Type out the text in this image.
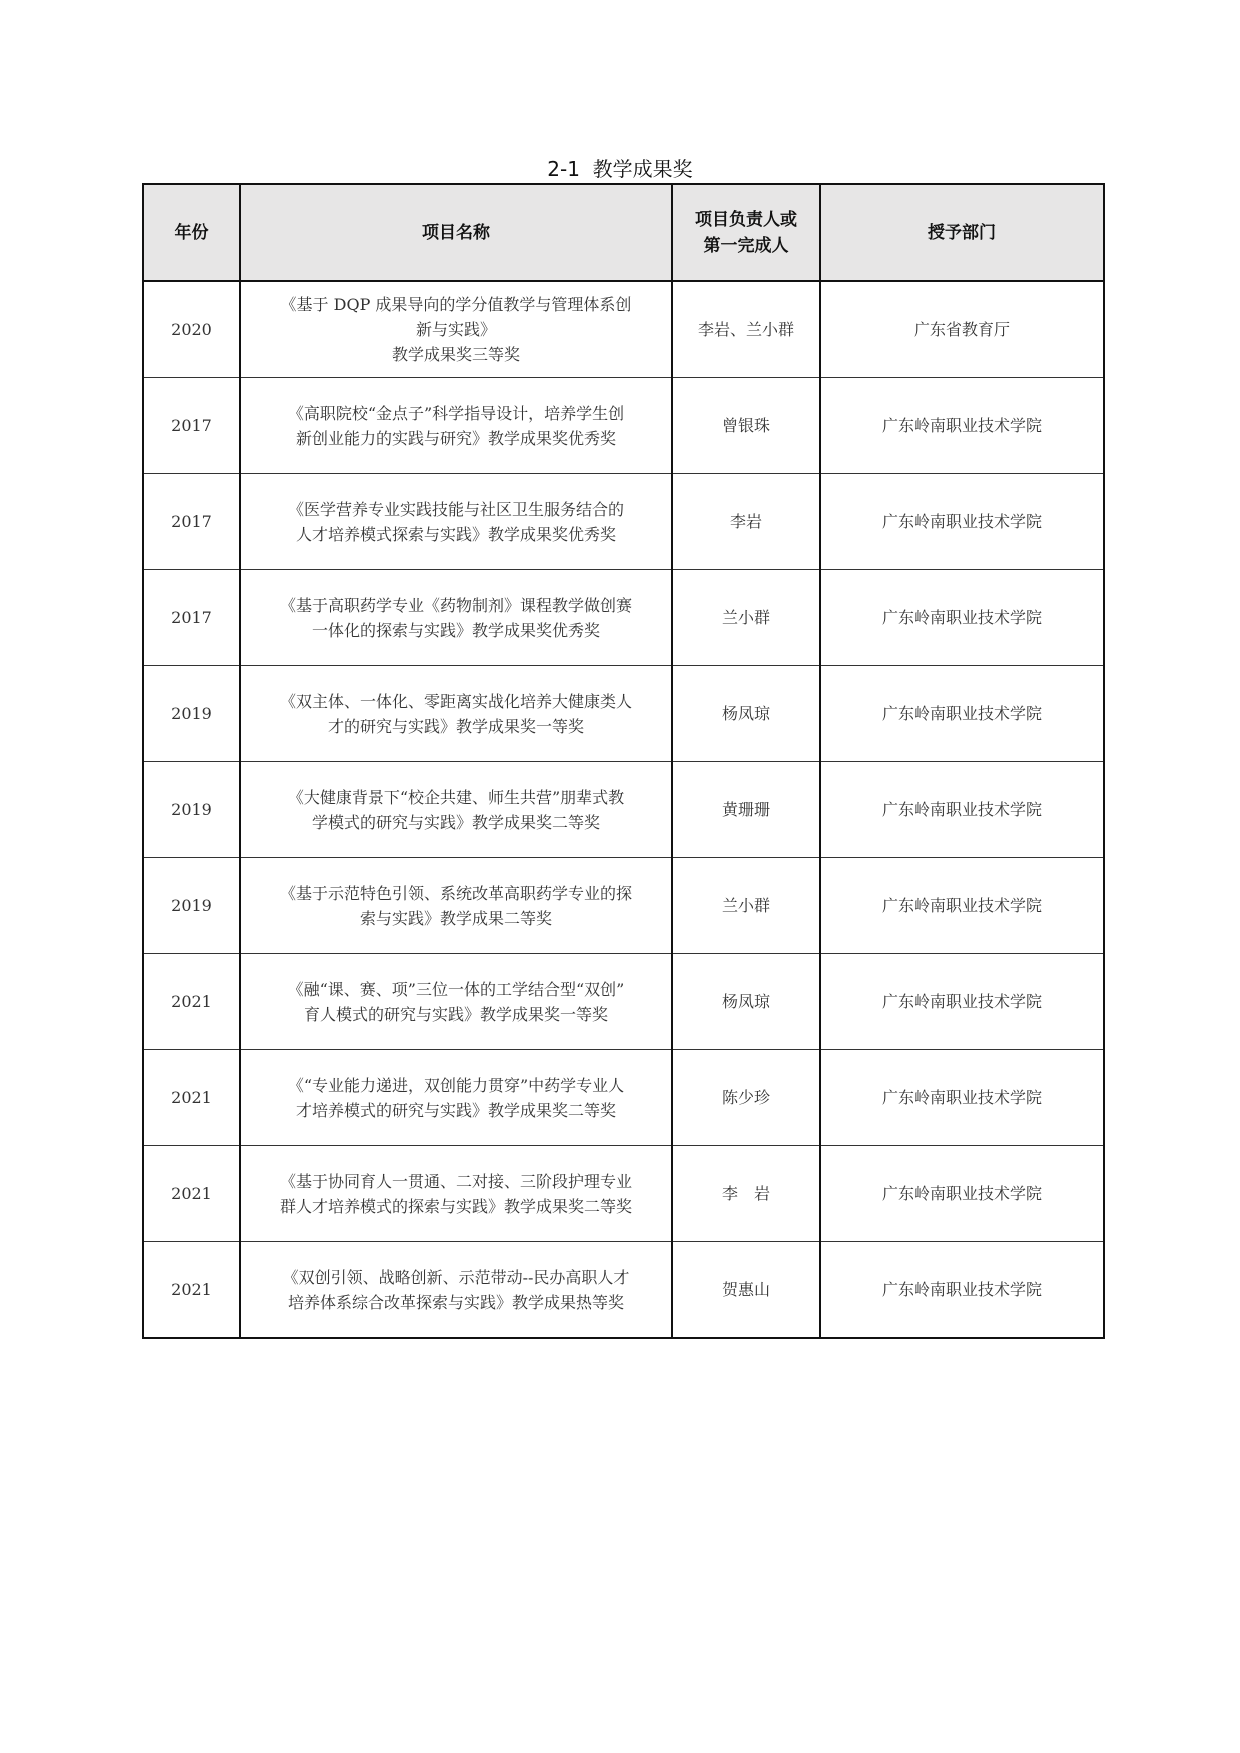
2-1  教学成果奖
年份	项目名称	项目负责人或
第一完成人	授予部门
2020	《基于 DQP 成果导向的学分值教学与管理体系创
新与实践》
教学成果奖三等奖	李岩、兰小群	广东省教育厅
2017	《高职院校“金点子”科学指导设计，培养学生创
新创业能力的实践与研究》教学成果奖优秀奖	曾银珠	广东岭南职业技术学院
2017	《医学营养专业实践技能与社区卫生服务结合的
人才培养模式探索与实践》教学成果奖优秀奖	李岩	广东岭南职业技术学院
2017	《基于高职药学专业《药物制剂》课程教学做创赛
一体化的探索与实践》教学成果奖优秀奖	兰小群	广东岭南职业技术学院
2019	《双主体、一体化、零距离实战化培养大健康类人
才的研究与实践》教学成果奖一等奖	杨凤琼	广东岭南职业技术学院
2019	《大健康背景下“校企共建、师生共营”朋辈式教
学模式的研究与实践》教学成果奖二等奖	黄珊珊	广东岭南职业技术学院
2019	《基于示范特色引领、系统改革高职药学专业的探
索与实践》教学成果二等奖	兰小群	广东岭南职业技术学院
2021	《融“课、赛、项”三位一体的工学结合型“双创”
育人模式的研究与实践》教学成果奖一等奖	杨凤琼	广东岭南职业技术学院
2021	《“专业能力递进，双创能力贯穿”中药学专业人
才培养模式的研究与实践》教学成果奖二等奖	陈少珍	广东岭南职业技术学院
2021	《基于协同育人一贯通、二对接、三阶段护理专业
群人才培养模式的探索与实践》教学成果奖二等奖	李　岩	广东岭南职业技术学院
2021	《双创引领、战略创新、示范带动--民办高职人才
培养体系综合改革探索与实践》教学成果热等奖	贺惠山	广东岭南职业技术学院
